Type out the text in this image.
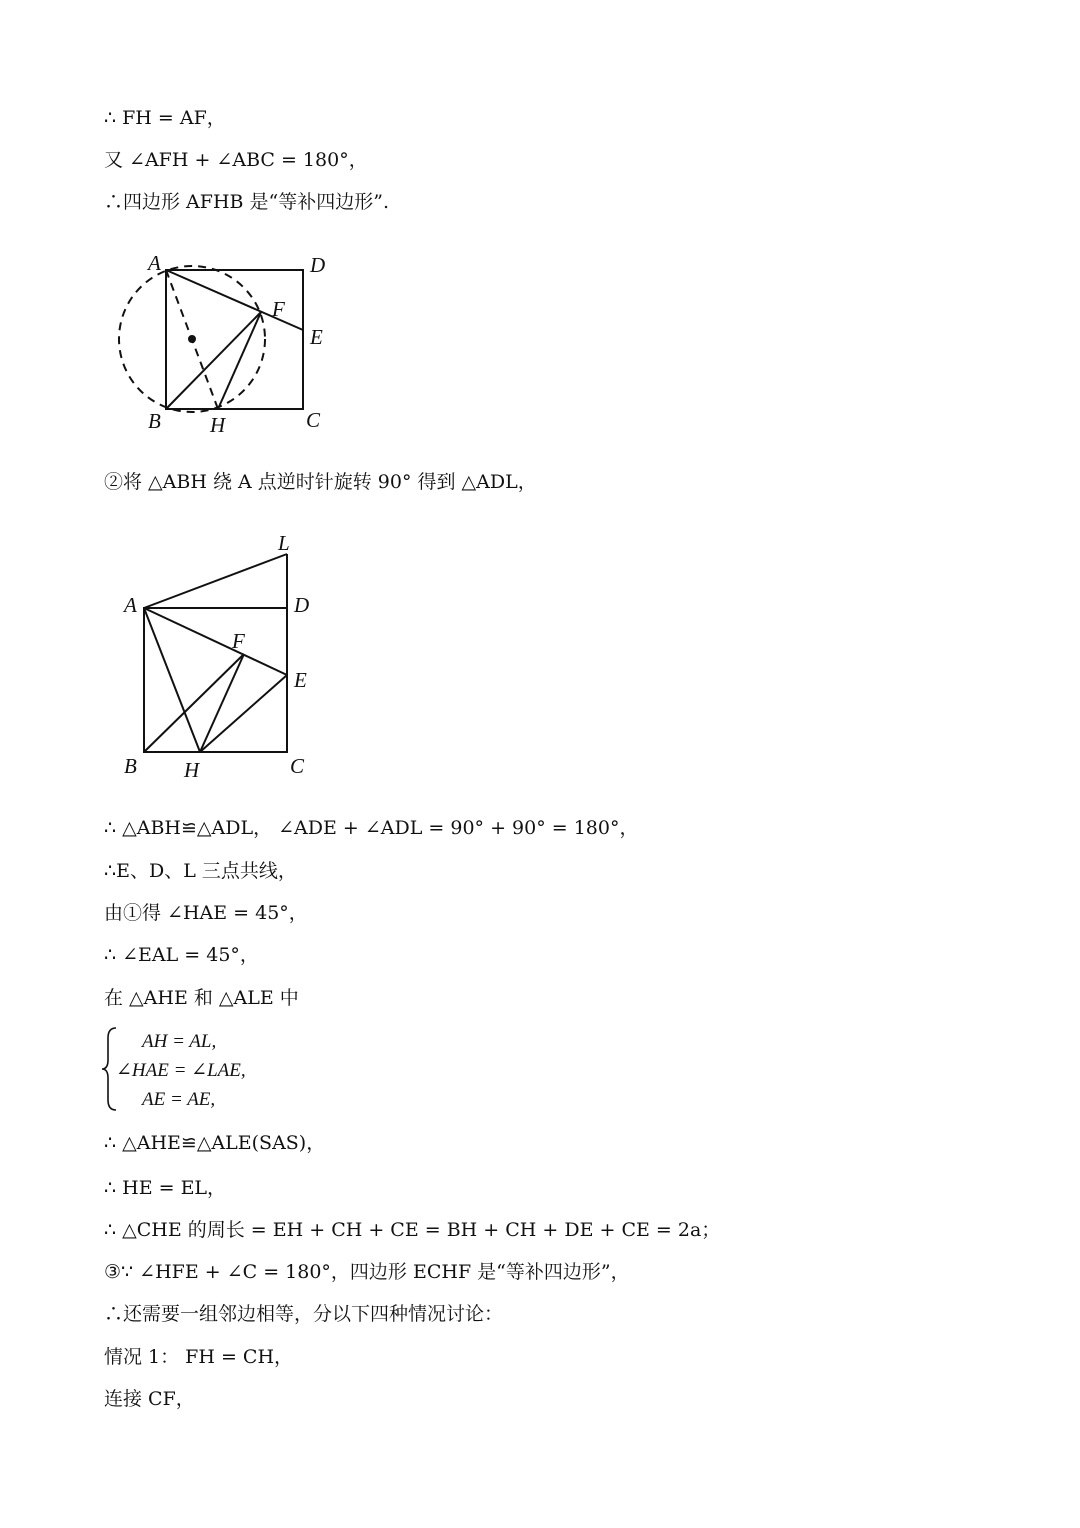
∴ FH = AF，
又 ∠AFH + ∠ABC = 180°，
∴四边形 AFHB 是“等补四边形”.
A	D
F
E
B H	C
②将 △ABH 绕 A 点逆时针旋转 90° 得到 △ADL，
L
A	D
F
E
B H	C
∴ △ABH≌△ADL， ∠ADE + ∠ADL = 90° + 90° = 180°，
∴E、D、L 三点共线，
由①得 ∠HAE = 45°，
∴ ∠EAL = 45°，
在 △AHE 和 △ALE 中
AH = AL,
∠HAE = ∠LAE,
AE = AE,
∴ △AHE≌△ALE(SAS)，
∴ HE = EL，
∴ △CHE 的周长 = EH + CH + CE = BH + CH + DE + CE = 2a；
③∵ ∠HFE + ∠C = 180°，四边形 ECHF 是“等补四边形”，
∴还需要一组邻边相等，分以下四种情况讨论：
情况 1： FH = CH，
连接 CF，
